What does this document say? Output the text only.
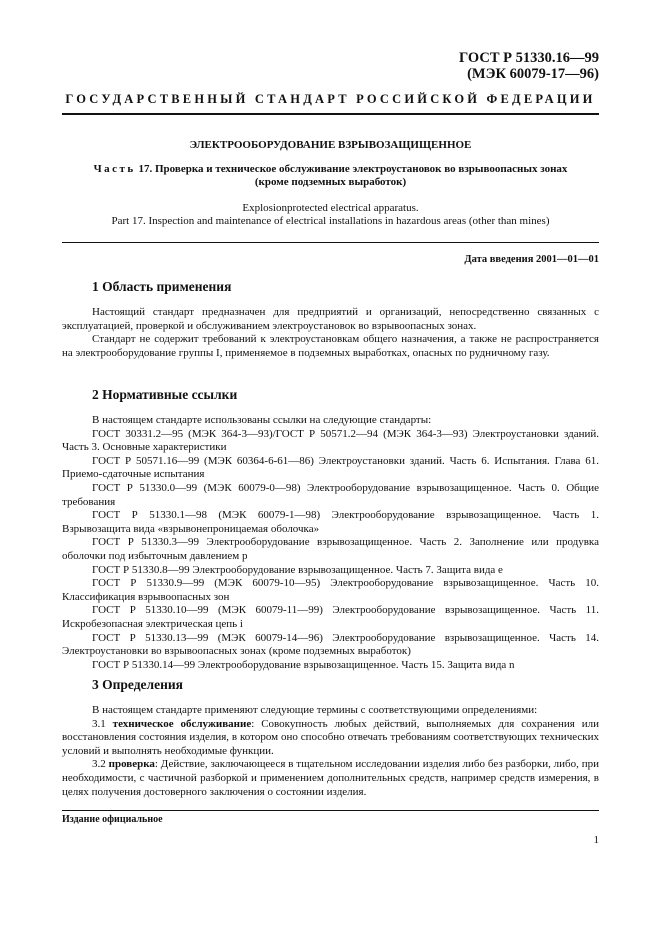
ГОСТ Р 51330.16—99
(МЭК 60079-17—96)
ГОСУДАРСТВЕННЫЙ СТАНДАРТ РОССИЙСКОЙ ФЕДЕРАЦИИ
ЭЛЕКТРООБОРУДОВАНИЕ ВЗРЫВОЗАЩИЩЕННОЕ
Часть 17. Проверка и техническое обслуживание электроустановок во взрывоопасных зонах
(кроме подземных выработок)
Explosionprotected electrical apparatus.
Part 17. Inspection and maintenance of electrical installations in hazardous areas (other than mines)
Дата введения 2001—01—01
1 Область применения

Настоящий стандарт предназначен для предприятий и организаций, непосредственно связанных с эксплуатацией, проверкой и обслуживанием электроустановок во взрывоопасных зонах.

Стандарт не содержит требований к электроустановкам общего назначения, а также не распространяется на электрооборудование группы I, применяемое в подземных выработках, опасных по рудничному газу.

2 Нормативные ссылки

В настоящем стандарте использованы ссылки на следующие стандарты:

ГОСТ 30331.2—95 (МЭК 364-3—93)/ГОСТ Р 50571.2—94 (МЭК 364-3—93) Электроустановки зданий. Часть 3. Основные характеристики

ГОСТ Р 50571.16—99 (МЭК 60364-6-61—86) Электроустановки зданий. Часть 6. Испытания. Глава 61. Приемо-сдаточные испытания

ГОСТ Р 51330.0—99 (МЭК 60079-0—98) Электрооборудование взрывозащищенное. Часть 0. Общие требования

ГОСТ Р 51330.1—98 (МЭК 60079-1—98) Электрооборудование взрывозащищенное. Часть 1. Взрывозащита вида «взрывонепроницаемая оболочка»

ГОСТ Р 51330.3—99 Электрооборудование взрывозащищенное. Часть 2. Заполнение или продувка оболочки под избыточным давлением p

ГОСТ Р 51330.8—99 Электрооборудование взрывозащищенное. Часть 7. Защита вида e

ГОСТ Р 51330.9—99 (МЭК 60079-10—95) Электрооборудование взрывозащищенное. Часть 10. Классификация взрывоопасных зон

ГОСТ Р 51330.10—99 (МЭК 60079-11—99) Электрооборудование взрывозащищенное. Часть 11. Искробезопасная электрическая цепь i

ГОСТ Р 51330.13—99 (МЭК 60079-14—96) Электрооборудование взрывозащищенное. Часть 14. Электроустановки во взрывоопасных зонах (кроме подземных выработок)

ГОСТ Р 51330.14—99 Электрооборудование взрывозащищенное. Часть 15. Защита вида n

3 Определения

В настоящем стандарте применяют следующие термины с соответствующими определениями:

3.1 техническое обслуживание: Совокупность любых действий, выполняемых для сохранения или восстановления состояния изделия, в котором оно способно отвечать требованиям соответствующих технических условий и выполнять необходимые функции.

3.2 проверка: Действие, заключающееся в тщательном исследовании изделия либо без разборки, либо, при необходимости, с частичной разборкой и применением дополнительных средств, например средств измерения, в целях получения достоверного заключения о состоянии изделия.

Издание официальное
1
